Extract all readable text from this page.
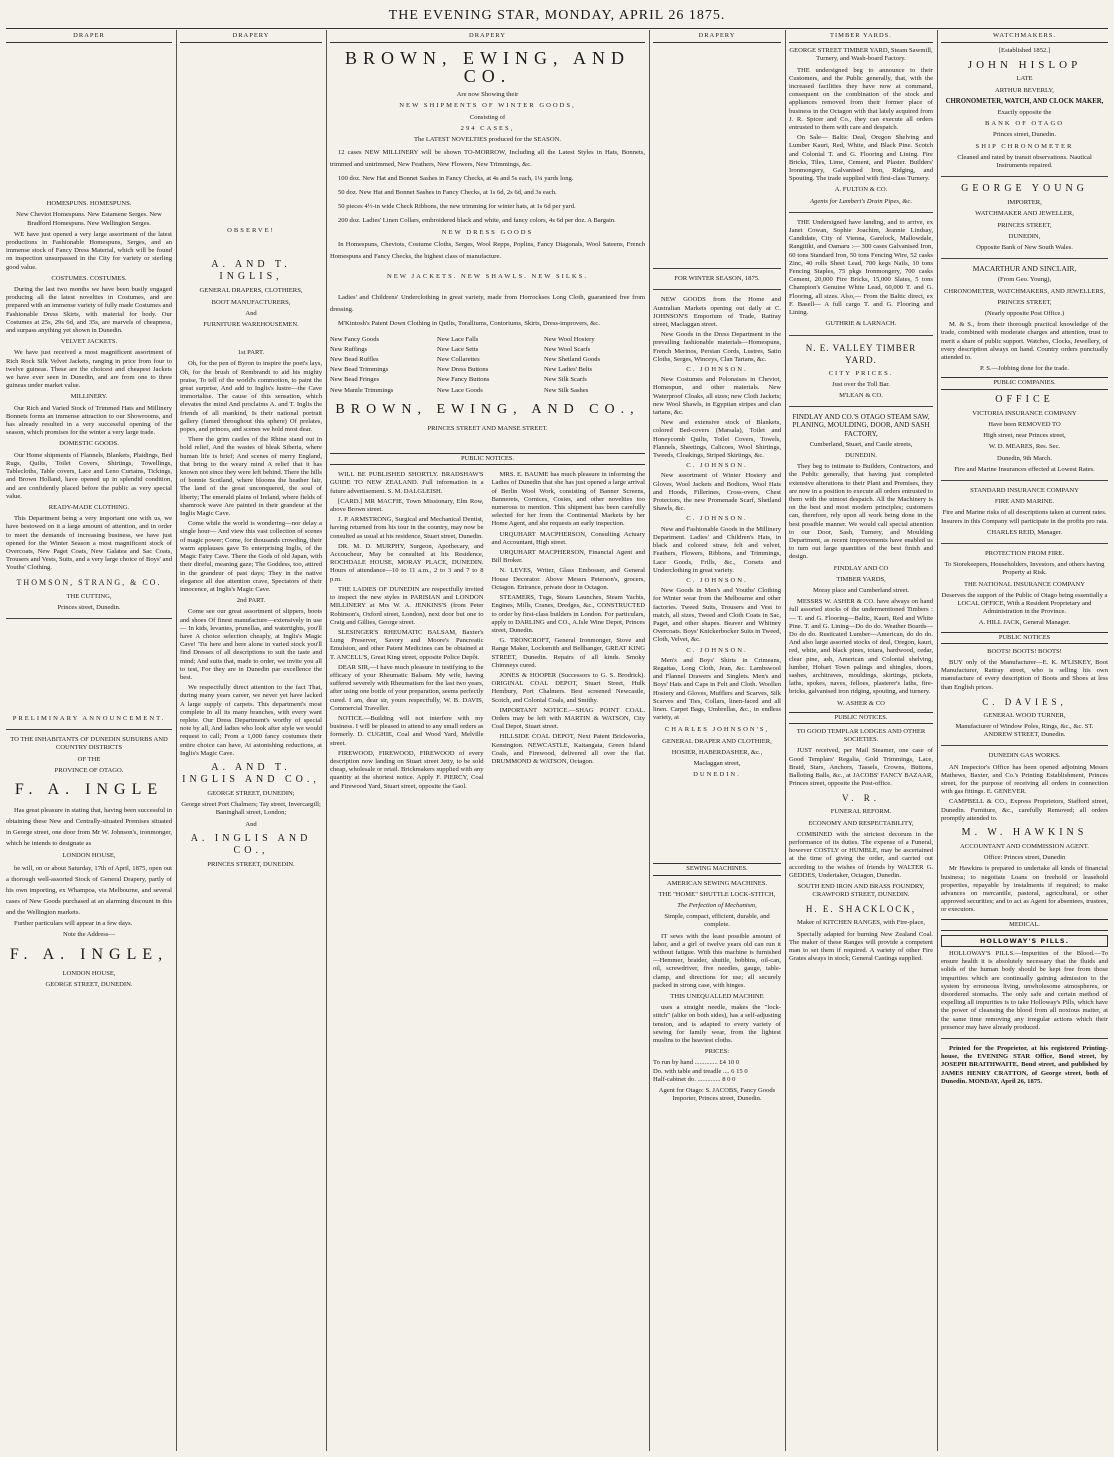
THE EVENING STAR, MONDAY, APRIL 26 1875.
DRAPER
HOMESPUNS. HOMESPUNS.
New Cheviot Homespuns. New Estamene Serges. New Bradford Homespuns. New Wellington Serges.
WE have just opened a very large assortment of the latest productions in Fashionable Homespuns, Serges, and an immense stock of Fancy Dress Material, which will be found on inspection unsurpassed in the City for variety or sterling good value.
COSTUMES. COSTUMES.
During the last two months we have been busily engaged producing all the latest novelties in Costumes, and are prepared with an immense variety of fully made Costumes and Fashionable Dress Skirts, with material for body. Our Costumes at 25s, 29s 6d, and 35s, are marvels of cheapness, and surpass anything yet shown in Dunedin.
VELVET JACKETS.
We have just received a most magnificent assortment of Rich Rock Silk Velvet Jackets, ranging in price from four to twelve guineas. These are the choicest and cheapest Jackets we have ever seen in Dunedin, and are from one to three guineas under market value.
MILLINERY.
Our Rich and Varied Stock of Trimmed Hats and Millinery Bonnets forms an immense attraction to our Showrooms, and has already resulted in a very successful opening of the season, which promises for the winter a very large trade.
DOMESTIC GOODS.
Our Home shipments of Flannels, Blankets, Plaidings, Bed Rugs, Quilts, Toilet Covers, Shirtings, Towellings, Tablecloths, Table covers, Lace and Leno Curtains, Tickings, and Brown Holland, have opened up in splendid condition, and are confidently placed before the public as very special value.
READY-MADE CLOTHING.
This Department being a very important one with us, we have bestowed on it a large amount of attention, and in order to meet the demands of increasing business, we have just opened for the Winter Season a most magnificent stock of Overcoats, New Paget Coats, New Galatea and Sac Coats, Trousers and Vests, Suits, and a very large choice of Boys' and Youths' Clothing.
THOMSON, STRANG, & CO.
THE CUTTING,
Princes street, Dunedin.
PRELIMINARY ANNOUNCEMENT.
TO THE INHABITANTS OF DUNEDIN SUBURBS AND COUNTRY DISTRICTS
OF THE
PROVINCE OF OTAGO.
F. A. INGLE
Has great pleasure in stating that, having been successful in obtaining these New and Centrally-situated Premises situated in George street, one door from Mr W. Johnson's, ironmonger, which he intends to designate as
LONDON HOUSE,
he will, on or about Saturday, 17th of April, 1875, open out a thorough well-assorted Stock of General Drapery, partly of his own importing, ex Whampoa, via Melbourne, and several cases of New Goods purchased at an alarming discount in this and the Wellington markets.
Further particulars will appear in a few days.
Note the Address—
F. A. INGLE,
LONDON HOUSE,
GEORGE STREET, DUNEDIN.
DRAPERY
OBSERVE!
A. AND T. INGLIS,
GENERAL DRAPERS, CLOTHIERS,
BOOT MANUFACTURERS,
And
FURNITURE WAREHOUSEMEN.
1st PART.
Oh, for the pen of Byron to inspire the poet's lays, Oh, for the brush of Rembrandt to aid his mighty praise, To tell of the world's commotion, to paint the great surprise, And add to Inglis's lustre—the Cave immortalise. The cause of this sensation, which elevates the mind And proclaims A. and T. Inglis the friends of all mankind, Is their national portrait gallery (famed throughout this sphere) Of prelates, popes, and princes, and scenes we hold most dear.
There the grim castles of the Rhine stand out in bold relief, And the wastes of bleak Siberia, where human life is brief; And scenes of merry England, that bring to the weary mind A relief that it has known not since they were left behind. There the hills of bonnie Scotland, where blooms the heather fair, The land of the great unconquered, the soul of liberty; The emerald plains of Ireland, where fields of shamrock wave Are painted in their grandeur at the Inglis Magic Cave.
Come while the world is wondering—nor delay a single hour— And view this vast collection of scenes of magic power; Come, for thousands crowding, their warm applauses gave To enterprising Inglis, of the Magic Fairy Cave. There the Gods of old Japan, with their direful, meaning gaze; The Goddess, too, attired in the grandeur of past days; They in the native elegance all due attention crave, Spectators of their innocence, at Inglis's Magic Cave.
2nd PART.
Come see our great assortment of slippers, boots and shoes Of finest manufacture—extensively in use— In kids, levantes, prunellas, and watertights, you'll have A choice selection cheaply, at Inglis's Magic Cave! 'Tis here and here alone in varied stock you'll find Dresses of all descriptions to suit the taste and mind; And suits that, made to order, we invite you all to test, For they are in Dunedin par excellence the best.
We respectfully direct attention to the fact That, during many years career, we never yet have lacked A large supply of carpets. This department's most complete In all its many branches, with every want replete. Our Dress Department's worthy of special note by all, And ladies who look after style we would request to call; From a 1,000 fancy costumes their entire choice can have, At astonishing reductions, at Inglis's Magic Cave.
A. AND T. INGLIS AND CO.,
GEORGE STREET, DUNEDIN;
George street Port Chalmers; Tay street, Invercargill; Baninghall street, London;
And
A. INGLIS AND CO.,
PRINCES STREET, DUNEDIN.
DRAPERY
BROWN, EWING, AND CO.
Are now Showing their
NEW SHIPMENTS OF WINTER GOODS,
Consisting of
294 CASES,
The LATEST NOVELTIES produced for the SEASON.
12 cases NEW MILLINERY will be shown TO-MORROW, Including all the Latest Styles in Hats, Bonnets, trimmed and untrimmed, New Feathers, New Flowers, New Trimmings, &c.
100 doz. New Hat and Bonnet Sashes in Fancy Checks, at 4s and 5s each, 1¼ yards long.
50 doz. New Hat and Bonnet Sashes in Fancy Checks, at 1s 6d, 2s 6d, and 3s each.
50 pieces 4½-in wide Check Ribbons, the new trimming for winter hats, at 1s 6d per yard.
200 doz. Ladies' Linen Collars, embroidered black and white, and fancy colors, 4s 6d per doz. A Bargain.
NEW DRESS GOODS
In Homespuns, Cheviots, Costume Cloths, Serges, Wool Repps, Poplins, Fancy Diagonals, Wool Sateens, French Homespuns and Fancy Checks, the highest class of manufacture.
NEW JACKETS. NEW SHAWLS. NEW SILKS.
Ladies' and Childrens' Underclothing in great variety, made from Horrockses Long Cloth, guaranteed free from dressing.
M'Kintosh's Patent Down Clothing in Quilts, Toralliums, Contoriums, Skirts, Dress-improvers, &c.
New Fancy Goods	New Lace Falls	New Wool Hosiery
New Ruffings	New Lace Setts	New Wool Scarfs
New Bead Ruffles	New Collarettes	New Shetland Goods
New Bead Trimmings	New Dress Buttons	New Ladies' Belts
New Bead Fringes	New Fancy Buttons	New Silk Scarfs
New Mantle Trimmings	New Lace Goods	New Silk Sashes
BROWN, EWING, AND CO.,
PRINCES STREET AND MANSE STREET.
PUBLIC NOTICES.
WILL BE PUBLISHED SHORTLY. BRADSHAW'S GUIDE TO NEW ZEALAND. Full information in a future advertisement. S. M. DALGLEISH.
[CARD.] MR MACFIE, Town Missionary, Elm Row, above Brown street.
J. P. ARMSTRONG, Surgical and Mechanical Dentist, having returned from his tour in the country, may now be consulted as usual at his residence, Stuart street, Dunedin.
DR. M. D. MURPHY, Surgeon, Apothecary, and Accoucheur, May be consulted at his Residence, ROCHDALE HOUSE, MORAY PLACE, DUNEDIN. Hours of attendance—10 to 11 a.m., 2 to 3 and 7 to 8 p.m.
THE LADIES OF DUNEDIN are respectfully invited to inspect the new styles in PARISIAN and LONDON MILLINERY at Mrs W. A. JENKINS'S (from Peter Robinson's, Oxford street, London), next door but one to Craig and Gillies, George street.
SLESINGER'S RHEUMATIC BALSAM, Baxter's Lung Preserver, Savory and Moore's Pancreatic Emulsion, and other Patent Medicines can be obtained at T. ANCELL'S, Great King street, opposite Police Depôt.
DEAR SIR,—I have much pleasure in testifying to the efficacy of your Rheumatic Balsam. My wife, having suffered severely with Rheumatism for the last two years, after using one bottle of your preparation, seems perfectly cured. I am, dear sir, yours respectfully, W. B. DAVIS, Commercial Traveller.
NOTICE.—Building will not interfere with my business. I will be pleased to attend to any small orders as formerly. D. CUGHIE, Coal and Wood Yard, Melville street.
FIREWOOD, FIREWOOD, FIREWOOD of every description now landing on Stuart street Jetty, to be sold cheap, wholesale or retail. Brickmakers supplied with any quantity at the shortest notice. Apply F. PIERCY, Coal and Firewood Yard, Stuart street, opposite the Gaol.
MRS. E. BAUME has much pleasure in informing the Ladies of Dunedin that she has just opened a large arrival of Berlin Wool Work, consisting of Banner Screens, Bannerets, Cornices, Cosies, and other novelties too numerous to mention. This shipment has been carefully selected for her from the Continental Markets by her Home Agent, and she requests an early inspection.
URQUHART MACPHERSON, Consulting Actuary and Accountant, High street.
URQUHART MACPHERSON, Financial Agent and Bill Broker.
N. LEVES, Writer, Glass Embosser, and General House Decorator. Above Messrs Peterson's, grocers, Octagon. Entrance, private door in Octagon.
STEAMERS, Tugs, Steam Launches, Steam Yachts, Engines, Mills, Cranes, Dredges, &c., CONSTRUCTED to order by first-class builders in London. For particulars, apply to DARLING and CO., A.Isle Wine Depot, Princes street, Dunedin.
G. TRONCROFT, General Ironmonger, Stove and Range Maker, Locksmith and Bellhanger, GREAT KING STREET, Dunedin. Repairs of all kinds. Smoky Chimneys cured.
JONES & HOOPER (Successors to G. S. Brodrick). ORIGINAL COAL DEPOT, Stuart Street, Hulk Hembury, Port Chalmers. Best screened Newcastle, Scotch, and Colonial Coals, and Smithy.
IMPORTANT NOTICE.—SHAG POINT COAL. Orders may be left with MARTIN & WATSON, City Coal Depot, Stuart street.
HILLSIDE COAL DEPOT, Next Patent Brickworks, Kensington. NEWCASTLE, Kaitangata, Green Island Coals, and Firewood, delivered all over the flat. DRUMMOND & WATSON, Octagon.
DRAPERY
FOR WINTER SEASON, 1875.
NEW GOODS from the Home and Australian Markets opening out daily at C. JOHNSON'S Emporium of Trade, Rattray street, Maclaggan street.
New Goods in the Dress Department in the prevailing fashionable materials—Homespuns, French Merinos, Persian Cords, Lustres, Satin Cloths, Serges, Winceys, Clan Tartans, &c.
C. JOHNSON.
New Costumes and Polonaises in Cheviot, Homespun, and other materials. New Waterproof Cloaks, all sizes; new Cloth Jackets; new Wool Shawls, in Egyptian stripes and clan tartans, &c.
New and extensive stock of Blankets, colored Bed-covers (Marsala), Toilet and Honeycomb Quilts, Toilet Covers, Towels, Flannels, Sheetings, Calicoes, Wool Shirtings, Tweeds, Cloakings, Striped Skirtings, &c.
C. JOHNSON.
New assortment of Winter Hosiery and Gloves, Wool Jackets and Bodices, Wool Hats and Hoods, Fillerines, Cross-overs, Chest Protectors, the new Promenade Scarf, Shetland Shawls, &c.
C. JOHNSON.
New and Fashionable Goods in the Millinery Department. Ladies' and Children's Hats, in black and colored straw, felt and velvet, Feathers, Flowers, Ribbons, and Trimmings, Lace Goods, Frills, &c., Corsets and Underclothing in great variety.
C. JOHNSON.
New Goods in Men's and Youths' Clothing for Winter wear from the Melbourne and other factories. Tweed Suits, Trousers and Vest to match, all sizes, Tweed and Cloth Coats in Sac, Paget, and other shapes. Beaver and Whitney Overcoats. Boys' Knickerbocker Suits in Tweed, Cloth, Velvet, &c.
C. JOHNSON.
Men's and Boys' Shirts in Crimeans, Regattas, Long Cloth, Jean, &c. Lambswool and Flannel Drawers and Singlets. Men's and Boys' Hats and Caps in Felt and Cloth. Woollen Hosiery and Gloves, Mufflers and Scarves, Silk Scarves and Ties, Collars, linen-faced and all linen. Carpet Bags, Umbrellas, &c., in endless variety, at
CHARLES JOHNSON'S,
GENERAL DRAPER AND CLOTHIER,
HOSIER, HABERDASHER, &c.,
Maclaggan street,
DUNEDIN.
SEWING MACHINES.
AMERICAN SEWING MACHINES.
THE "HOME" SHUTTLE LOCK-STITCH,
The Perfection of Mechanism,
Simple, compact, efficient, durable, and complete.
IT sews with the least possible amount of labor, and a girl of twelve years old can run it without fatigue. With this machine is furnished—Hemmer, braider, shuttle, bobbins, oil-can, oil, screwdriver, five needles, gauge, table-clamp, and directions for use; all securely packed in strong case, with hinges.
THIS UNEQUALLED MACHINE
uses a straight needle, makes the "lock-stitch" (alike on both sides), has a self-adjusting tension, and is adapted to every variety of sewing for family wear, from the lightest muslins to the heaviest cloths.
PRICES:
To run by hand .............. £4 10 0
Do. with table and treadle .... 6 15 0
Half-cabinet do. .............. 8 0 0
Agent for Otago: S. JACOBS, Fancy Goods Importer, Princes street, Dunedin.
TIMBER YARDS.
GEORGE STREET TIMBER YARD, Steam Sawmill, Turnery, and Wash-board Factory.
THE undersigned beg to announce to their Customers, and the Public generally, that, with the increased facilities they have now at command, consequent on the combination of the stock and appliances removed from their former place of business in the Octagon with that lately acquired from J. R. Spicer and Co., they can execute all orders entrusted to them with care and despatch.
On Sale— Baltic Deal, Oregon Shelving and Lumber Kauri, Red, White, and Black Pine. Scotch and Colonial T. and G. Flooring and Lining. Fire Bricks, Tiles, Lime, Cement, and Plaster. Builders' Ironmongery, Galvanised Iron, Ridging, and Spouting. The trade supplied with first-class Turnery.
A. FULTON & CO.
Agents for Lambert's Drain Pipes, &c.
THE Undersigned have landing, and to arrive, ex Janet Cowan, Sophie Joachim, Jeannie Lindsay, Candidate, City of Vienna, Garelock, Mallowdale, Rangitiki, and Oamaru :— 300 cases Galvanised Iron, 60 tons Standard Iron, 50 tons Fencing Wire, 52 casks Zinc, 40 rolls Sheet Lead, 700 kegs Nails, 10 tons Fencing Staples, 75 pkgs Ironmongery, 700 casks Cement, 20,000 Fire Bricks, 15,000 Slates, 5 tons Champion's Genuine White Lead, 60,000 T. and G. Flooring, all sizes. Also,— From the Baltic direct, ex F. Basell— A full cargo T. and G. Flooring and Lining.
GUTHRIE & LARNACH.
N. E. VALLEY TIMBER YARD.
CITY PRICES.
Just over the Toll Bar.
M'LEAN & CO.
FINDLAY AND CO.'S OTAGO STEAM SAW, PLANING, MOULDING, DOOR, AND SASH FACTORY,
Cumberland, Stuart, and Castle streets,
DUNEDIN.
They beg to intimate to Builders, Contractors, and the Public generally, that having just completed extensive alterations to their Plant and Premises, they are now in a position to execute all orders entrusted to them with the utmost despatch. All the Machinery is on the best and most modern principles; customers can, therefore, rely upon all work being done in the best possible manner. We would call special attention to our Door, Sash, Turnery, and Moulding Department, as recent improvements have enabled us to turn out large quantities of the best finish and design.
FINDLAY AND CO
TIMBER YARDS,
Moray place and Cumberland street.
MESSRS W. ASHER & CO. have always on hand full assorted stocks of the undermentioned Timbers :— T. and G. Flooring—Baltic, Kauri, Red and White Pine. T. and G. Lining—Do do do. Weather Boards—Do do do. Rusticated Lumber—American, do do do. And also large assorted stocks of deal, Oregon, kauri, red, white, and black pines, totara, hardwood, cedar, clear pine, ash, American and Colonial shelving, lumber, Hobart Town palings and shingles, doors, sashes, architraves, mouldings, skirtings, pickets, laths, spokes, naves, felloes, plasterer's laths, fire-bricks, galvanised iron ridging, spouting, and turnery.
W. ASHER & CO
PUBLIC NOTICES.
TO GOOD TEMPLAR LODGES AND OTHER SOCIETIES.
JUST received, per Mail Steamer, one case of Good Templars' Regalia, Gold Trimmings, Lace, Braid, Stars, Anchors, Tassels, Crowns, Buttons, Balloting Balls, &c., at JACOBS' FANCY BAZAAR, Princes street, opposite the Post-office.
V. R.
FUNERAL REFORM.
ECONOMY AND RESPECTABILITY,
COMBINED with the strictest decorum in the performance of its duties. The expense of a Funeral, however COSTLY or HUMBLE, may be ascertained at the time of giving the order, and carried out according to the wishes of friends by WALTER G. GEDDES, Undertaker, Octagon, Dunedin.
SOUTH END IRON AND BRASS FOUNDRY, CRAWFORD STREET, DUNEDIN.
H. E. SHACKLOCK,
Maker of KITCHEN RANGES, with Fire-place,
Specially adapted for burning New Zealand Coal. The maker of these Ranges will provide a competent man to set them if required. A variety of other Fire Grates always in stock; General Castings supplied.
WATCHMAKERS.
[Established 1852.]
JOHN HISLOP
LATE
ARTHUR BEVERLY,
CHRONOMETER, WATCH, AND CLOCK MAKER,
Exactly opposite the
BANK OF OTAGO
Princes street, Dunedin.
SHIP CHRONOMETER
Cleaned and rated by transit observations. Nautical Instruments repaired.
GEORGE YOUNG
IMPORTER,
WATCHMAKER AND JEWELLER,
PRINCES STREET,
DUNEDIN,
Opposite Bank of New South Wales.
MACARTHUR AND SINCLAIR,
(From Geo. Young),
CHRONOMETER, WATCHMAKERS, AND JEWELLERS,
PRINCES STREET,
(Nearly opposite Post Office.)
M. & S., from their thorough practical knowledge of the trade, combined with moderate charges and attention, trust to merit a share of public support. Watches, Clocks, Jewellery, of every description always on hand. Country orders punctually attended to.
P. S.—Jobbing done for the trade.
PUBLIC COMPANIES.
OFFICE
VICTORIA INSURANCE COMPANY
Have been REMOVED TO
High street, near Princes street,
W. D. MEARES, Res. Sec.
Dunedin, 9th March.
Fire and Marine Insurances effected at Lowest Rates.
STANDARD INSURANCE COMPANY
FIRE AND MARINE.
Fire and Marine risks of all descriptions taken at current rates. Insurers in this Company will participate in the profits pro rata.
CHARLES REID, Manager.
PROTECTION FROM FIRE.
To Storekeepers, Householders, Investors, and others having Property at Risk.
THE NATIONAL INSURANCE COMPANY
Deserves the support of the Public of Otago being essentially a LOCAL OFFICE, With a Resident Proprietary and Administration in the Province.
A. HILL JACK, General Manager.
PUBLIC NOTICES
BOOTS! BOOTS! BOOTS!
BUY only of the Manufacturer—E. K. M'LISKEY, Boot Manufacturer, Rattray street, who is selling his own manufacture of every description of Boots and Shoes at less than English prices.
C. DAVIES,
GENERAL WOOD TURNER,
Manufacturer of Window Poles, Rings, &c., &c. ST. ANDREW STREET, Dunedin.
DUNEDIN GAS WORKS.
AN Inspector's Office has been opened adjoining Messrs Mathews, Baxter, and Co.'s Printing Establishment, Princes street, for the purpose of receiving all orders in connection with gas fittings. E. GENEVER.
CAMPBELL & CO., Express Proprietors, Stafford street, Dunedin. Furniture, &c., carefully Removed; all orders promptly attended to.
M. W. HAWKINS
ACCOUNTANT AND COMMISSION AGENT.
Office: Princes street, Dunedin
Mr Hawkins is prepared to undertake all kinds of financial business; to negotiate Loans on freehold or leasehold properties, repayable by instalments if required; to make advances on mercantile, pastoral, agricultural, or other approved securities; and to act as Agent for absentees, trustees, or executors.
MEDICAL.
HOLLOWAY'S PILLS.
HOLLOWAY'S PILLS.—Impurities of the Blood.—To ensure health it is absolutely necessary that the fluids and solids of the human body should be kept free from those impurities which are continually gaining admission to the system by erroneous living, unwholesome atmospheres, or disordered stomachs. The only safe and certain method of expelling all impurities is to take Holloway's Pills, which have the power of cleansing the blood from all noxious matter, at the same time removing any irregular actions which their presence may have already produced.
Printed for the Proprietor, at his registered Printing-house, the EVENING STAR Office, Bond street, by JOSEPH BRAITHWAITE, Bond street, and published by JAMES HENRY CRATTON, of George street, both of Dunedin. MONDAY, April 26, 1875.
